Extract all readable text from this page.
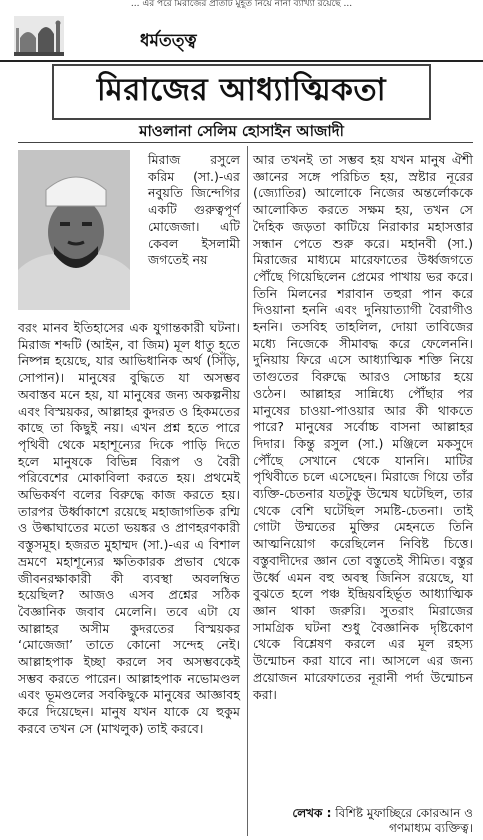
... এর পরে মিরাজের প্রতিটি মুহূর্ত নিয়ে নানা ব্যাখ্যা রয়েছে ...
ধর্মতত্ত্ব
মিরাজের আধ্যাত্মিকতা
মাওলানা সেলিম হোসাইন আজাদী

মিরাজ রসুলে করিম (সা.)-এর নবুয়তি জিন্দেগির একটি গুরুত্বপূর্ণ মোজেজা। এটি কেবল ইসলামী জগতেই নয়

বরং মানব ইতিহাসের এক যুগান্তকারী ঘটনা। মিরাজ শব্দটি (আইন, বা জিম) মূল ধাতু হতে নিষ্পন্ন হয়েছে, যার আভিধানিক অর্থ (সিঁড়ি, সোপান)। মানুষের বুদ্ধিতে যা অসম্ভব অবাস্তব মনে হয়, যা মানুষের জন্য অকল্পনীয় এবং বিস্ময়কর, আল্লাহর কুদরত ও হিকমতের কাছে তা কিছুই নয়। এখন প্রশ্ন হতে পারে পৃথিবী থেকে মহাশূন্যের দিকে পাড়ি দিতে হলে মানুষকে বিভিন্ন বিরূপ ও বৈরী পরিবেশের মোকাবিলা করতে হয়। প্রথমেই অভিকর্ষণ বলের বিরুদ্ধে কাজ করতে হয়। তারপর উর্ধ্বাকাশে রয়েছে মহাজাগতিক রশ্মি ও উল্কাঘাতের মতো ভয়ঙ্কর ও প্রাণহরণকারী বস্তুসমূহ। হজরত মুহাম্মদ (সা.)-এর এ বিশাল ভ্রমণে মহাশূন্যের ক্ষতিকারক প্রভাব থেকে জীবনরক্ষাকারী কী ব্যবস্থা অবলম্বিত হয়েছিল? আজও এসব প্রশ্নের সঠিক বৈজ্ঞানিক জবাব মেলেনি। তবে এটা যে আল্লাহর অসীম কুদরতের বিস্ময়কর ‘মোজেজা’ তাতে কোনো সন্দেহ নেই। আল্লাহপাক ইচ্ছা করলে সব অসম্ভবকেই সম্ভব করতে পারেন। আল্লাহপাক নভোমণ্ডল এবং ভূমণ্ডলের সবকিছুকে মানুষের আজ্ঞাবহ করে দিয়েছেন। মানুষ যখন যাকে যে হুকুম করবে তখন সে (মাখলুক) তাই করবে।

আর তখনই তা সম্ভব হয় যখন মানুষ ঐশী জ্ঞানের সঙ্গে পরিচিত হয়, স্রষ্টার নূরের (জ্যোতির) আলোকে নিজের অন্তর্লোককে আলোকিত করতে সক্ষম হয়, তখন সে দৈহিক জড়তা কাটিয়ে নিরাকার মহাসত্তার সন্ধান পেতে শুরু করে। মহানবী (সা.) মিরাজের মাধ্যমে মারেফাতের উর্ধ্বজগতে পৌঁছে গিয়েছিলেন প্রেমের পাখায় ভর করে। তিনি মিলনের শরাবান তহুরা পান করে দিওয়ানা হননি এবং দুনিয়াত্যাগী বৈরাগীও হননি। তসবিহ তাহলিল, দোয়া তাবিজের মধ্যে নিজেকে সীমাবদ্ধ করে ফেলেননি। দুনিয়ায় ফিরে এসে আধ্যাত্মিক শক্তি নিয়ে তাগুতের বিরুদ্ধে আরও সোচ্চার হয়ে ওঠেন। আল্লাহর সান্নিধ্যে পৌঁছার পর মানুষের চাওয়া-পাওয়ার আর কী থাকতে পারে? মানুষের সর্বোচ্চ বাসনা আল্লাহর দিদার। কিন্তু রসুল (সা.) মঞ্জিলে মকসুদে পৌঁছে সেখানে থেকে যাননি। মাটির পৃথিবীতে চলে এসেছেন। মিরাজে গিয়ে তাঁর ব্যক্তি-চেতনার যতটুকু উন্মেষ ঘটেছিল, তার থেকে বেশি ঘটেছিল সমষ্টি-চেতনা। তাই গোটা উম্মতের মুক্তির মেহনতে তিনি আত্মনিয়োগ করেছিলেন নিবিষ্ট চিত্তে। বস্তুবাদীদের জ্ঞান তো বস্তুতেই সীমিত। বস্তুর উর্ধ্বে এমন বহু অবস্থ জিনিস রয়েছে, যা বুঝতে হলে পঞ্চ ইন্দ্রিয়বহির্ভূত আধ্যাত্মিক জ্ঞান থাকা জরুরি। সুতরাং মিরাজের সামগ্রিক ঘটনা শুধু বৈজ্ঞানিক দৃষ্টিকোণ থেকে বিশ্লেষণ করলে এর মূল রহস্য উন্মোচন করা যাবে না। আসলে এর জন্য প্রয়োজন মারেফাতের নূরানী পর্দা উন্মোচন করা।

লেখক : বিশিষ্ট মুফাচ্ছিরে কোরআন ও গণমাধ্যম ব্যক্তিত্ব।
